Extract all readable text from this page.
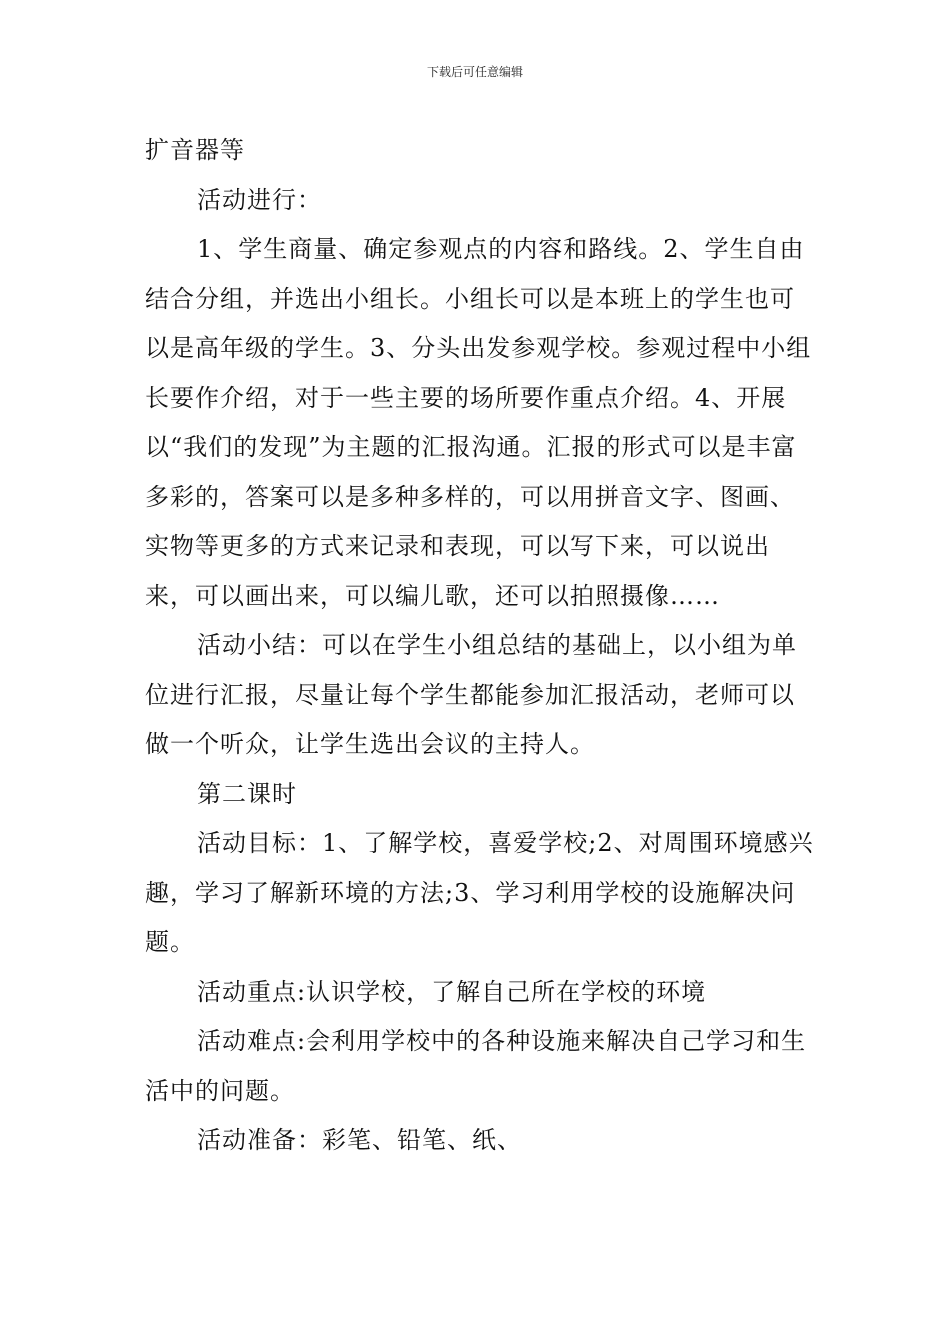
下载后可任意编辑

扩音器等

活动进行：

1、学生商量、确定参观点的内容和路线。2、学生自由结合分组，并选出小组长。小组长可以是本班上的学生也可以是高年级的学生。3、分头出发参观学校。参观过程中小组长要作介绍，对于一些主要的场所要作重点介绍。4、开展以“我们的发现”为主题的汇报沟通。汇报的形式可以是丰富多彩的，答案可以是多种多样的，可以用拼音文字、图画、实物等更多的方式来记录和表现，可以写下来，可以说出来，可以画出来，可以编儿歌，还可以拍照摄像……

活动小结：可以在学生小组总结的基础上，以小组为单位进行汇报，尽量让每个学生都能参加汇报活动，老师可以做一个听众，让学生选出会议的主持人。

第二课时

活动目标：1、了解学校，喜爱学校;2、对周围环境感兴趣，学习了解新环境的方法;3、学习利用学校的设施解决问题。

活动重点:认识学校，了解自己所在学校的环境

活动难点:会利用学校中的各种设施来解决自己学习和生活中的问题。

活动准备：彩笔、铅笔、纸、
